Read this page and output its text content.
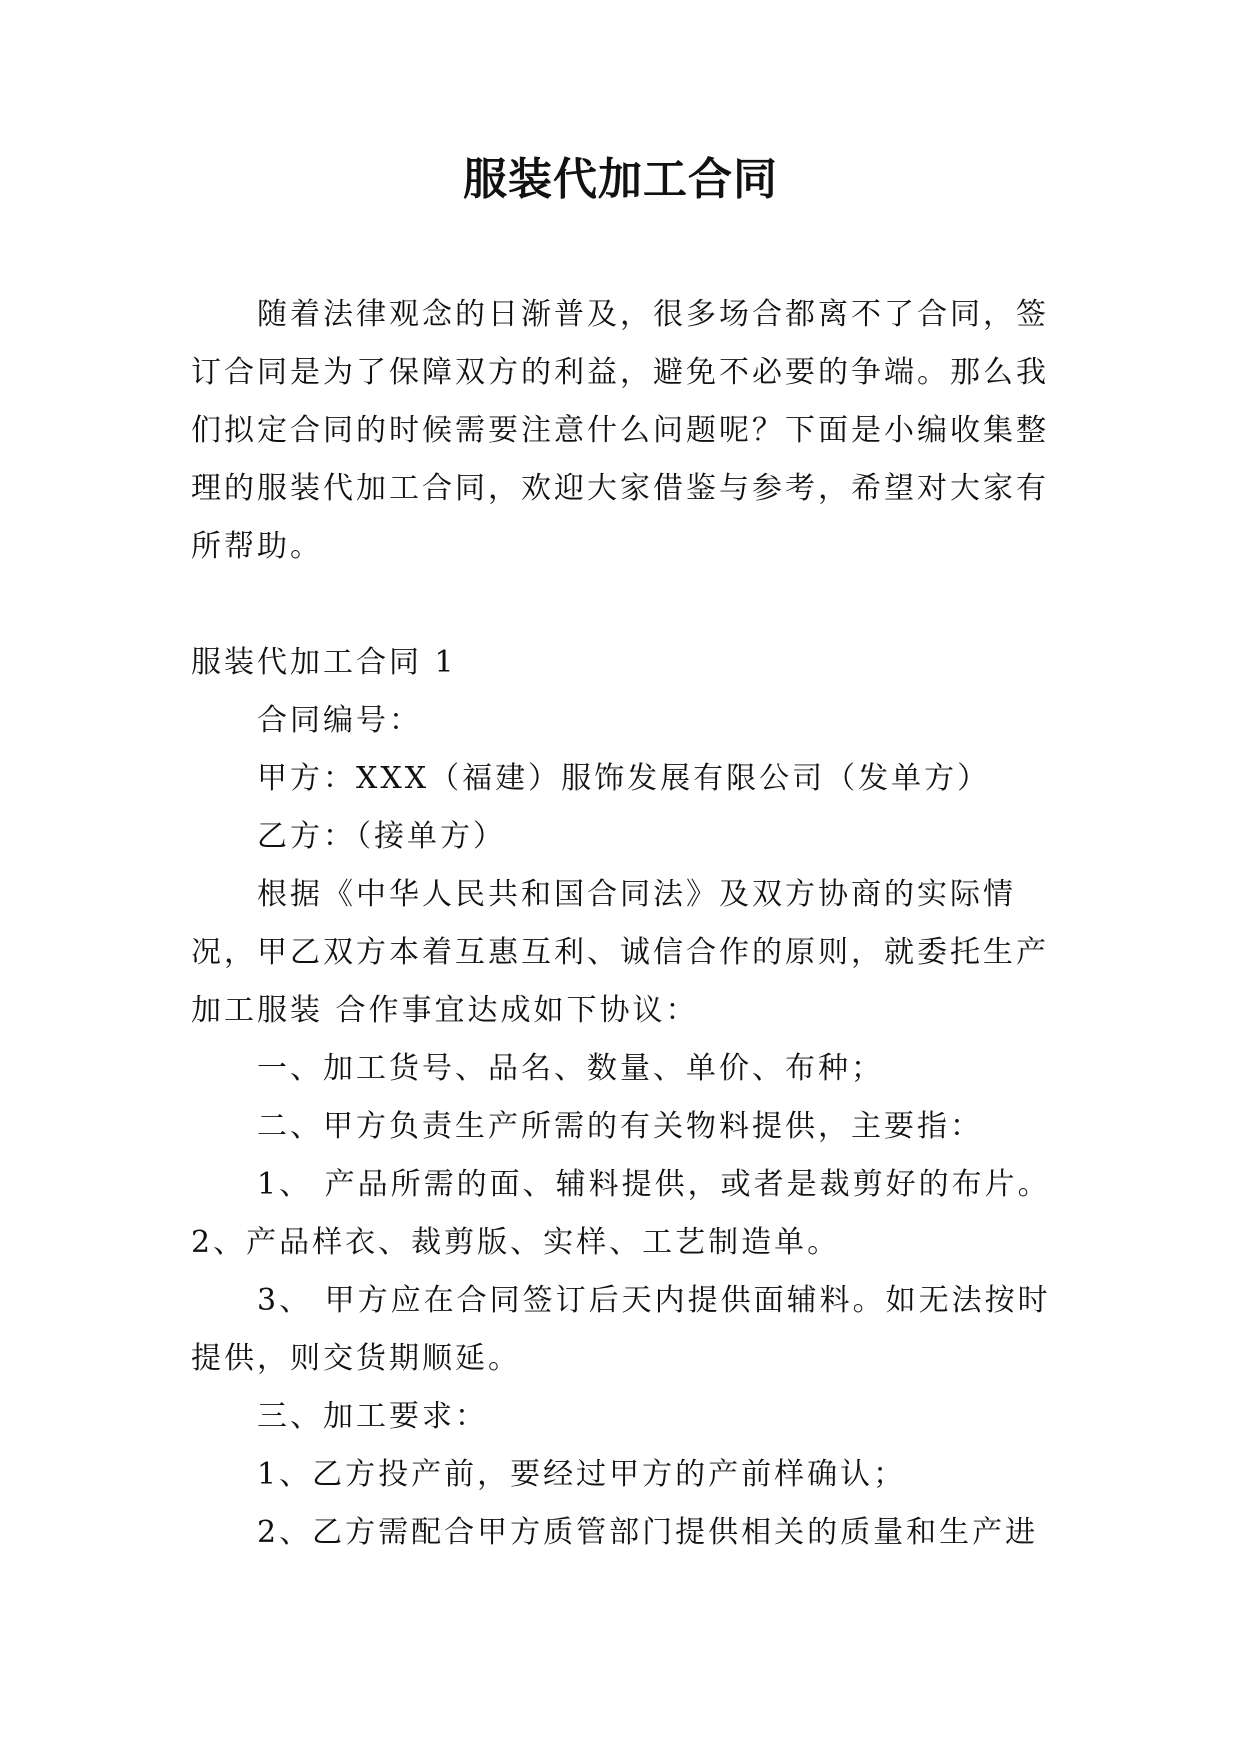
服装代加工合同

随着法律观念的日渐普及，很多场合都离不了合同，签订合同是为了保障双方的利益，避免不必要的争端。那么我们拟定合同的时候需要注意什么问题呢？下面是小编收集整理的服装代加工合同，欢迎大家借鉴与参考，希望对大家有所帮助。

服装代加工合同 1

合同编号：

甲方：XXX（福建）服饰发展有限公司（发单方）

乙方：（接单方）

根据《中华人民共和国合同法》及双方协商的实际情况，甲乙双方本着互惠互利、诚信合作的原则，就委托生产加工服装 合作事宜达成如下协议：

一、加工货号、品名、数量、单价、布种；

二、甲方负责生产所需的有关物料提供，主要指：

1、 产品所需的面、辅料提供，或者是裁剪好的布片。2、产品样衣、裁剪版、实样、工艺制造单。

3、 甲方应在合同签订后天内提供面辅料。如无法按时提供，则交货期顺延。

三、加工要求：

1、乙方投产前，要经过甲方的产前样确认；

2、乙方需配合甲方质管部门提供相关的质量和生产进
